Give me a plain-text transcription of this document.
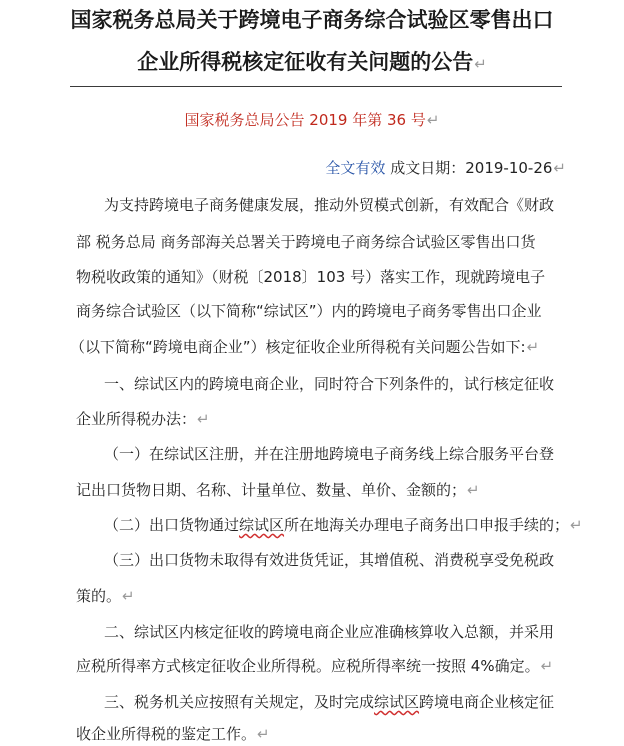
国家税务总局关于跨境电子商务综合试验区零售出口
企业所得税核定征收有关问题的公告↵
国家税务总局公告 2019 年第 36 号↵
全文有效 成文日期：2019-10-26↵
为支持跨境电子商务健康发展，推动外贸模式创新，有效配合《财政
部 税务总局 商务部海关总署关于跨境电子商务综合试验区零售出口货
物税收政策的通知》（财税〔2018〕103 号）落实工作，现就跨境电子
商务综合试验区（以下简称“综试区”）内的跨境电子商务零售出口企业
（以下简称“跨境电商企业”）核定征收企业所得税有关问题公告如下:↵
一、综试区内的跨境电商企业，同时符合下列条件的，试行核定征收
企业所得税办法：↵
（一）在综试区注册，并在注册地跨境电子商务线上综合服务平台登
记出口货物日期、名称、计量单位、数量、单价、金额的；↵
（二）出口货物通过综试区所在地海关办理电子商务出口申报手续的；↵
（三）出口货物未取得有效进货凭证，其增值税、消费税享受免税政
策的。↵
二、综试区内核定征收的跨境电商企业应准确核算收入总额，并采用
应税所得率方式核定征收企业所得税。应税所得率统一按照 4%确定。↵
三、税务机关应按照有关规定，及时完成综试区跨境电商企业核定征
收企业所得税的鉴定工作。↵
